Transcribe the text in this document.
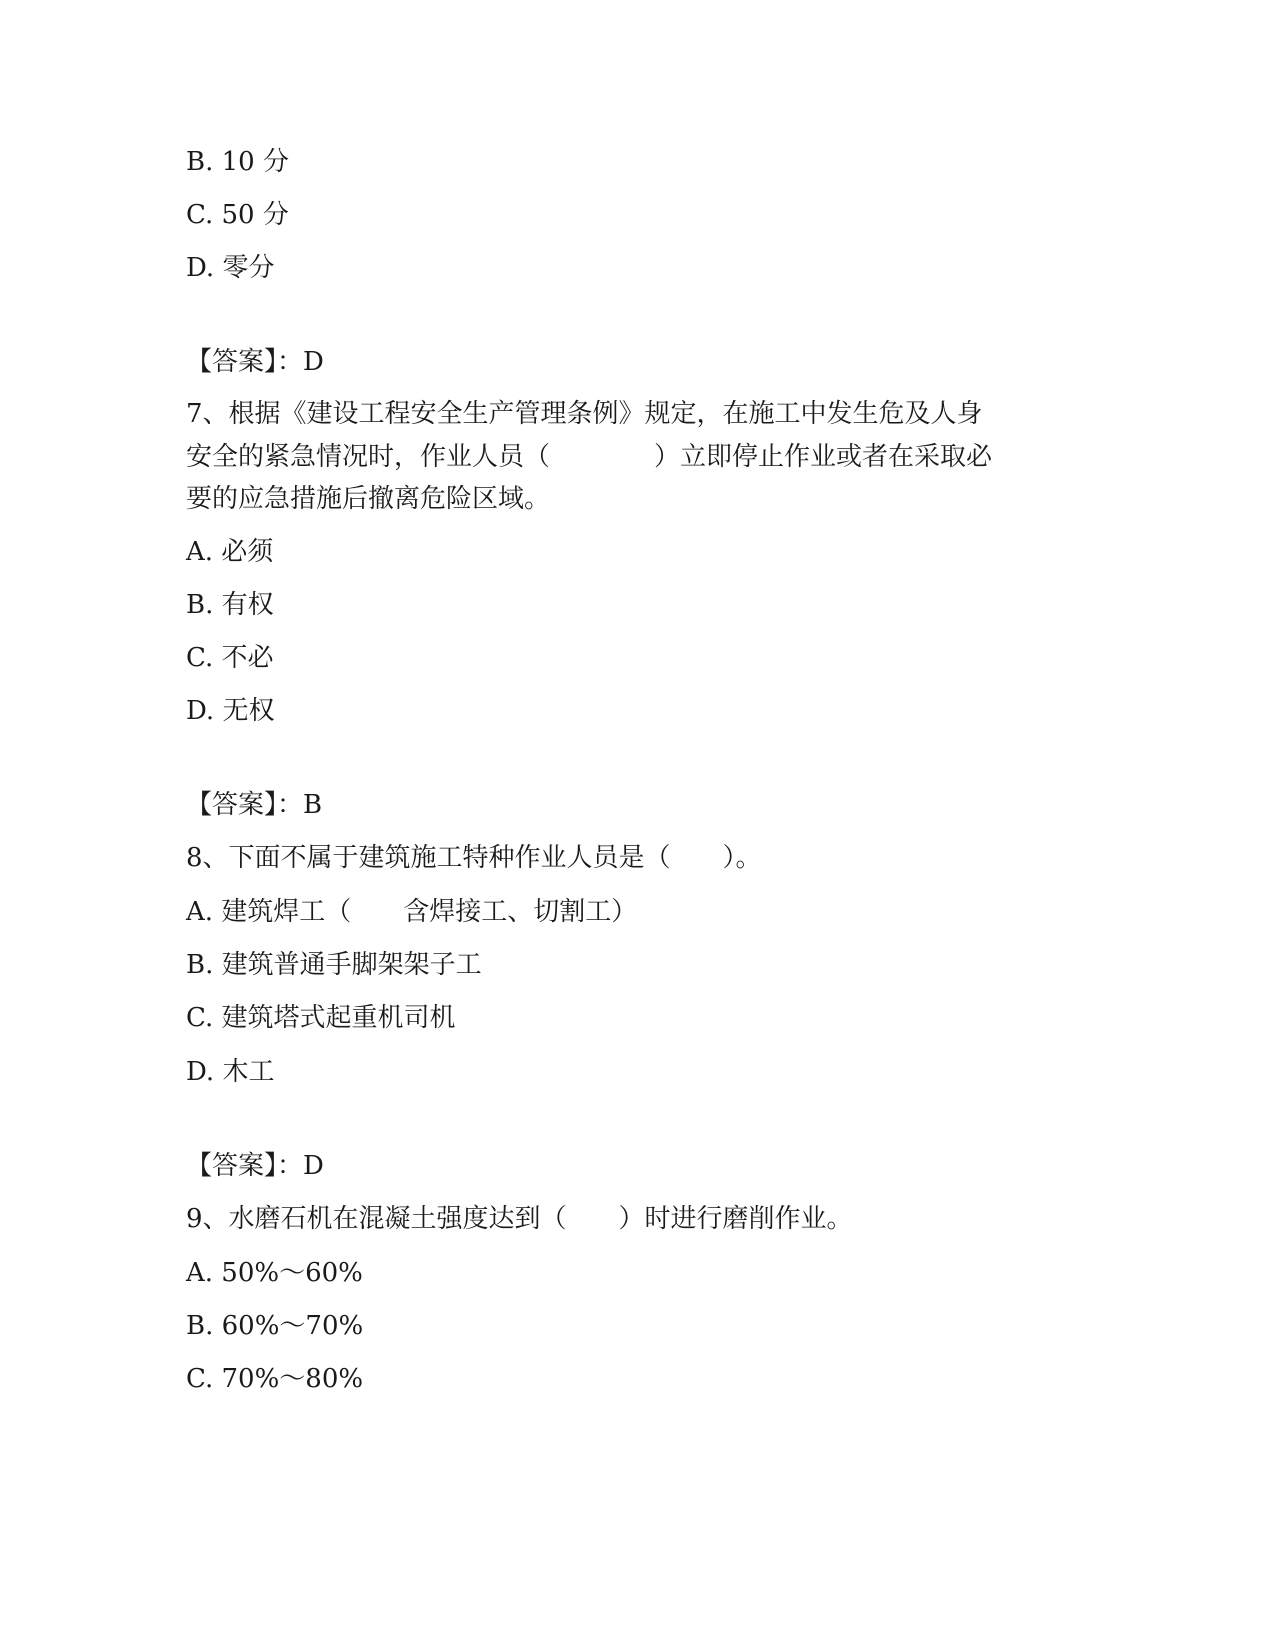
B. 10 分
C. 50 分
D. 零分
【答案】：D
7、根据《建设工程安全生产管理条例》规定，在施工中发生危及人身
安全的紧急情况时，作业人员（　　　　）立即停止作业或者在采取必
要的应急措施后撤离危险区域。
A. 必须
B. 有权
C. 不必
D. 无权
【答案】：B
8、下面不属于建筑施工特种作业人员是（　　）。
A. 建筑焊工（　　含焊接工、切割工）
B. 建筑普通手脚架架子工
C. 建筑塔式起重机司机
D. 木工
【答案】：D
9、水磨石机在混凝土强度达到（　　）时进行磨削作业。
A. 50%～60%
B. 60%～70%
C. 70%～80%
